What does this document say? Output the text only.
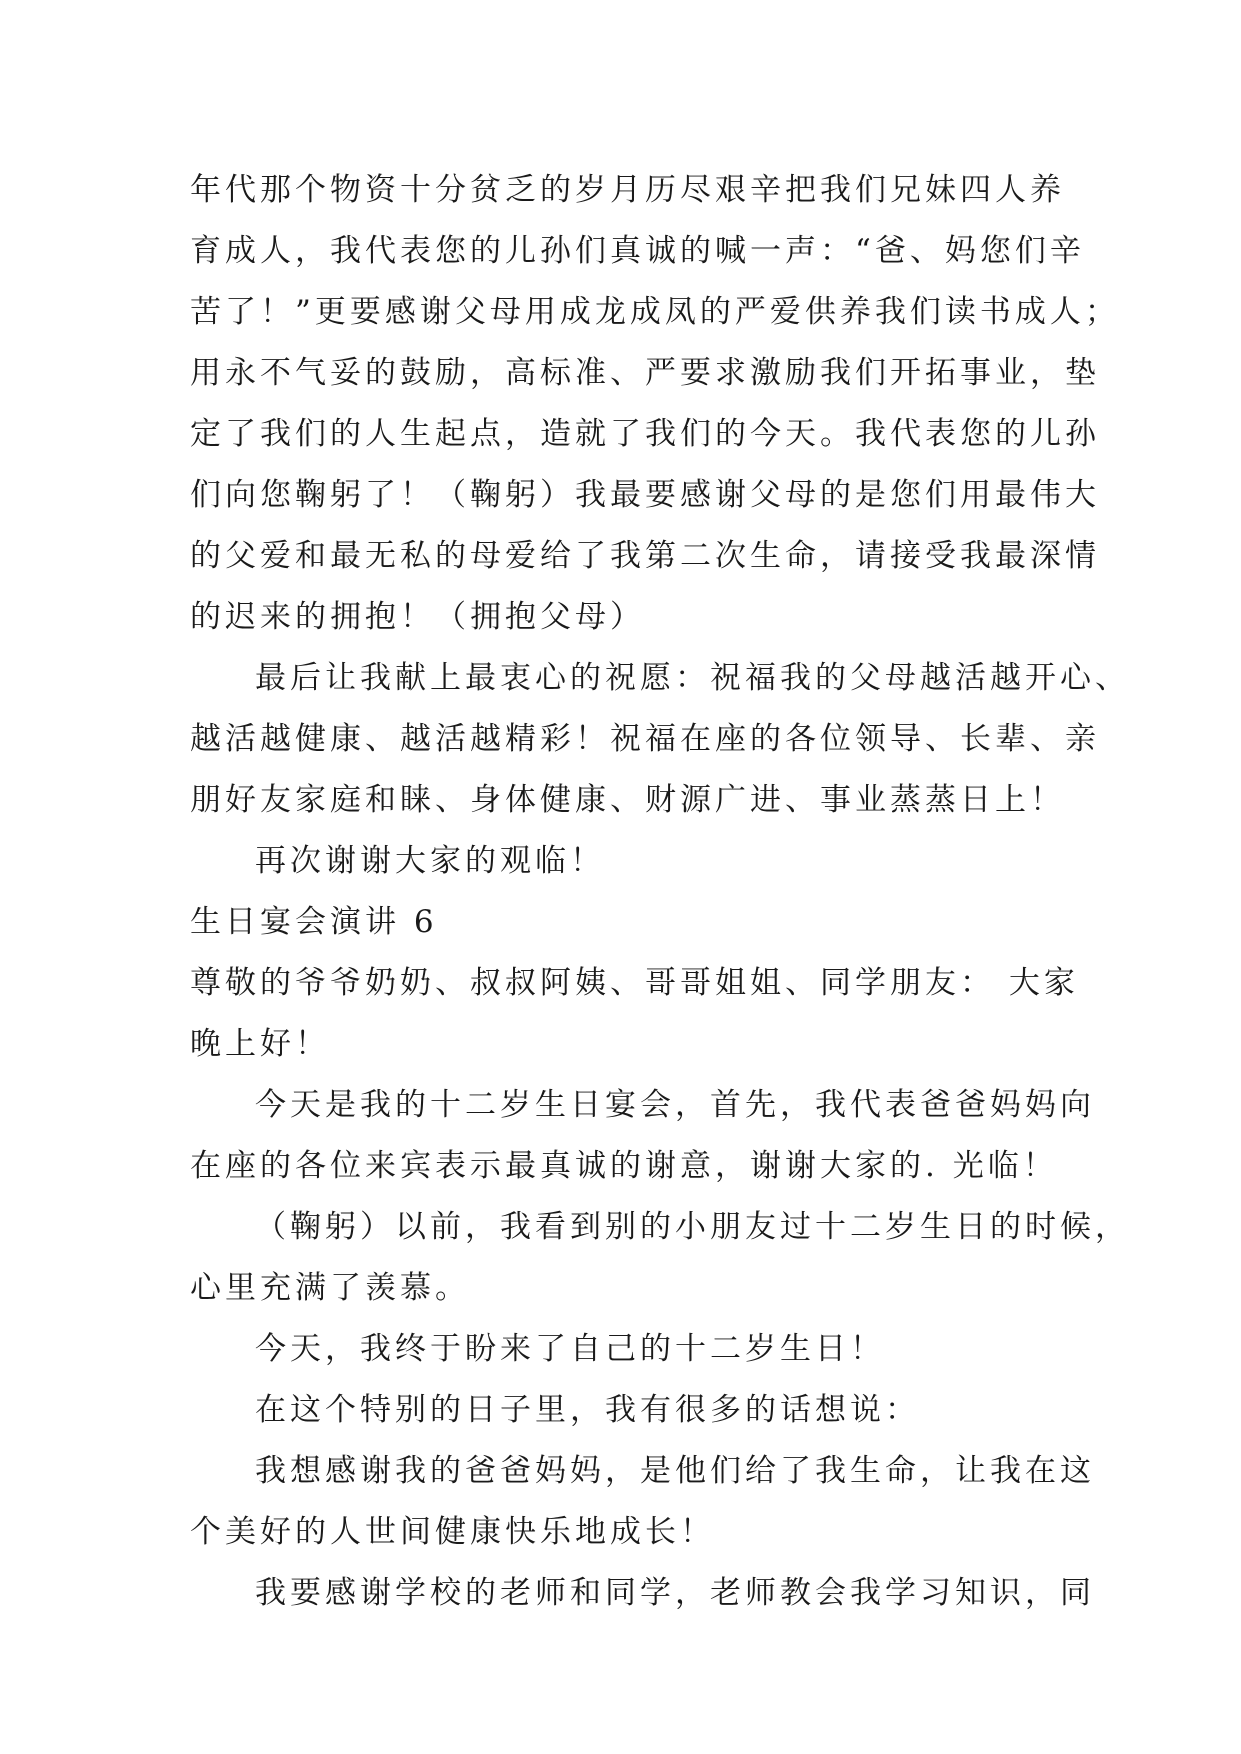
年代那个物资十分贫乏的岁月历尽艰辛把我们兄妹四人养
育成人，我代表您的儿孙们真诚的喊一声：“爸、妈您们辛
苦了！”更要感谢父母用成龙成凤的严爱供养我们读书成人；
用永不气妥的鼓励，高标准、严要求激励我们开拓事业，垫
定了我们的人生起点，造就了我们的今天。我代表您的儿孙
们向您鞠躬了！（鞠躬）我最要感谢父母的是您们用最伟大
的父爱和最无私的母爱给了我第二次生命，请接受我最深情
的迟来的拥抱！（拥抱父母）
最后让我献上最衷心的祝愿：祝福我的父母越活越开心、
越活越健康、越活越精彩！祝福在座的各位领导、长辈、亲
朋好友家庭和睐、身体健康、财源广进、事业蒸蒸日上！
再次谢谢大家的观临！
生日宴会演讲 6
尊敬的爷爷奶奶、叔叔阿姨、哥哥姐姐、同学朋友： 大家
晚上好！
今天是我的十二岁生日宴会，首先，我代表爸爸妈妈向
在座的各位来宾表示最真诚的谢意，谢谢大家的. 光临！
（鞠躬）以前，我看到别的小朋友过十二岁生日的时候，
心里充满了羡慕。
今天，我终于盼来了自己的十二岁生日！
在这个特别的日子里，我有很多的话想说：
我想感谢我的爸爸妈妈，是他们给了我生命，让我在这
个美好的人世间健康快乐地成长！
我要感谢学校的老师和同学，老师教会我学习知识，同
